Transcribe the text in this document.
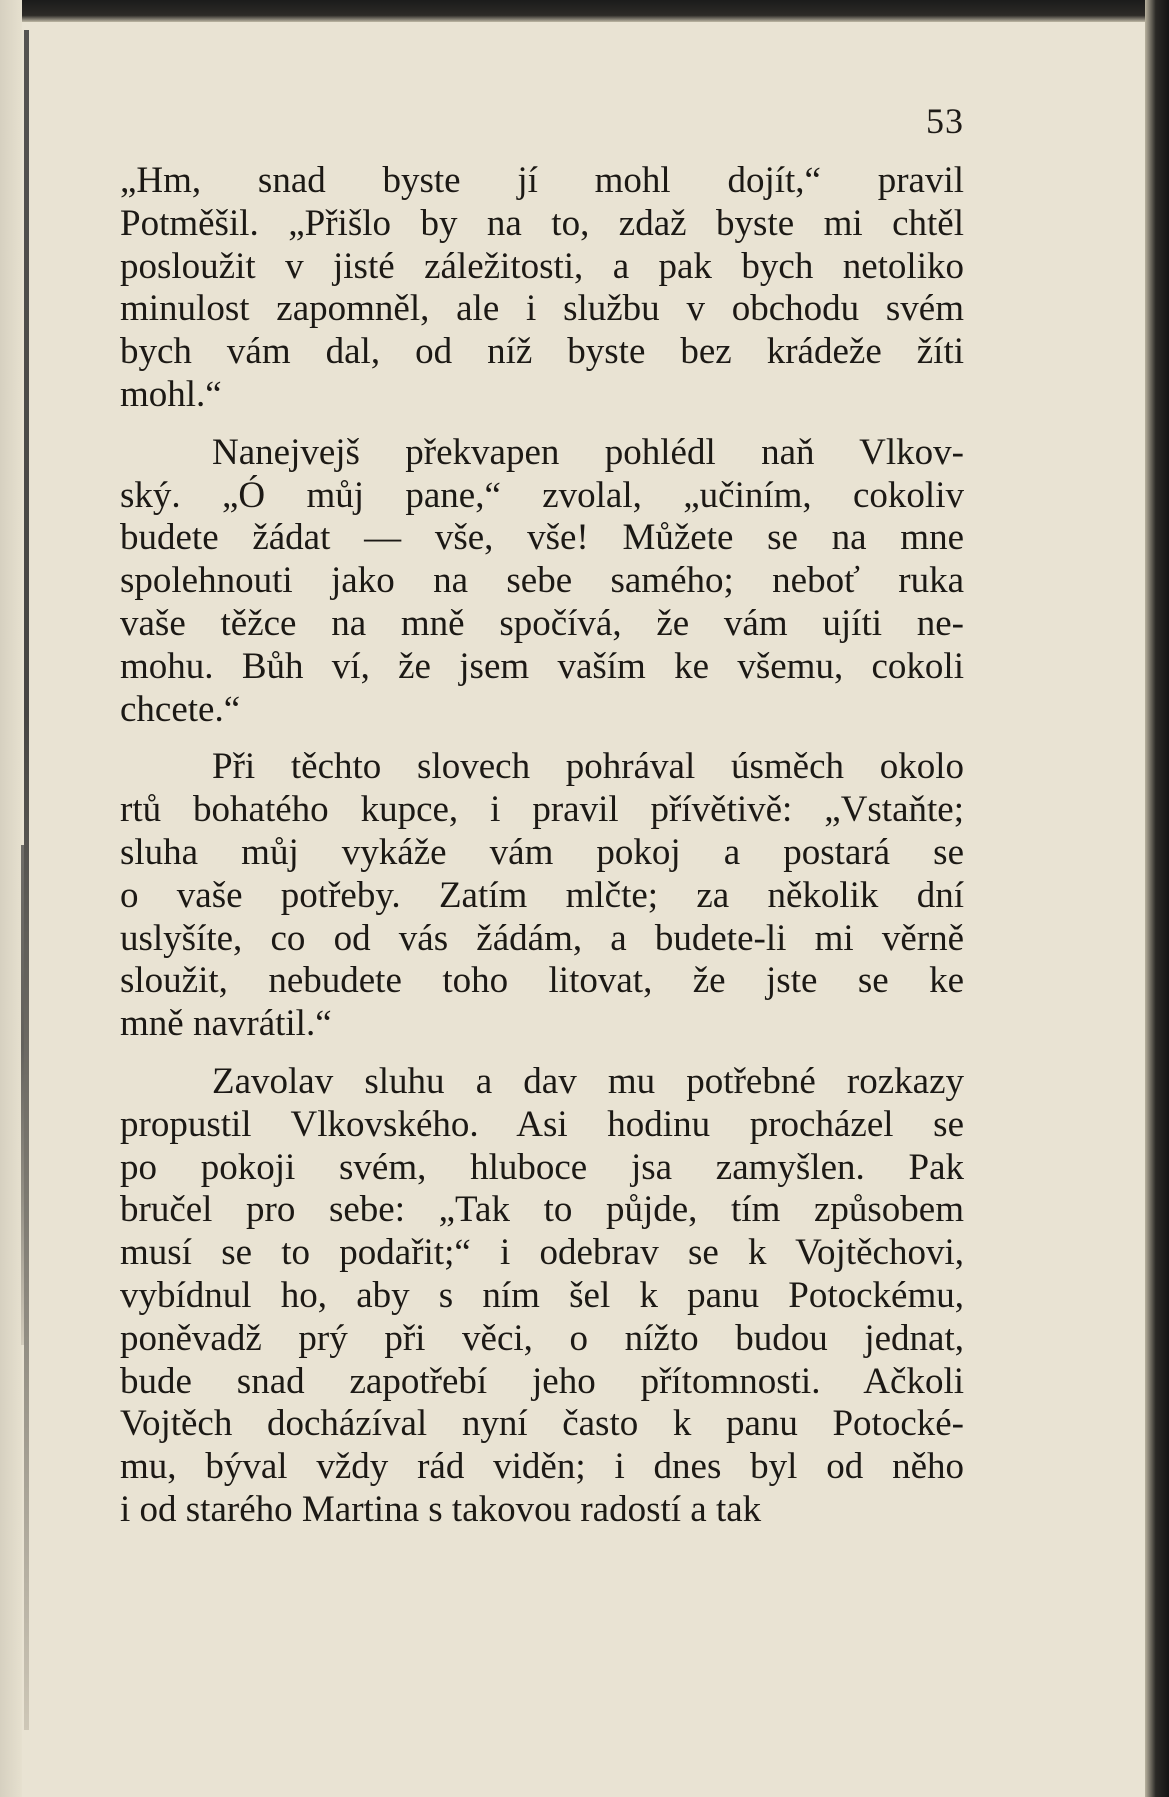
53
„Hm, snad byste jí mohl dojít,“ pravil
Potměšil. „Přišlo by na to, zdaž byste mi chtěl
posloužit v jisté záležitosti, a pak bych netoliko
minulost zapomněl, ale i službu v obchodu svém
bych vám dal, od níž byste bez krádeže žíti
mohl.“
Nanejvejš překvapen pohlédl naň Vlkov-
ský. „Ó můj pane,“ zvolal, „učiním, cokoliv
budete žádat — vše, vše! Můžete se na mne
spolehnouti jako na sebe samého; neboť ruka
vaše těžce na mně spočívá, že vám ujíti ne-
mohu. Bůh ví, že jsem vaším ke všemu, cokoli
chcete.“
Při těchto slovech pohrával úsměch okolo
rtů bohatého kupce, i pravil přívětivě: „Vstaňte;
sluha můj vykáže vám pokoj a postará se
o vaše potřeby. Zatím mlčte; za několik dní
uslyšíte, co od vás žádám, a budete-li mi věrně
sloužit, nebudete toho litovat, že jste se ke
mně navrátil.“
Zavolav sluhu a dav mu potřebné rozkazy
propustil Vlkovského. Asi hodinu procházel se
po pokoji svém, hluboce jsa zamyšlen. Pak
bručel pro sebe: „Tak to půjde, tím způsobem
musí se to podařit;“ i odebrav se k Vojtěchovi,
vybídnul ho, aby s ním šel k panu Potockému,
poněvadž prý při věci, o nížto budou jednat,
bude snad zapotřebí jeho přítomnosti. Ačkoli
Vojtěch docházíval nyní často k panu Potocké-
mu, býval vždy rád viděn; i dnes byl od něho
i od starého Martina s takovou radostí a tak
